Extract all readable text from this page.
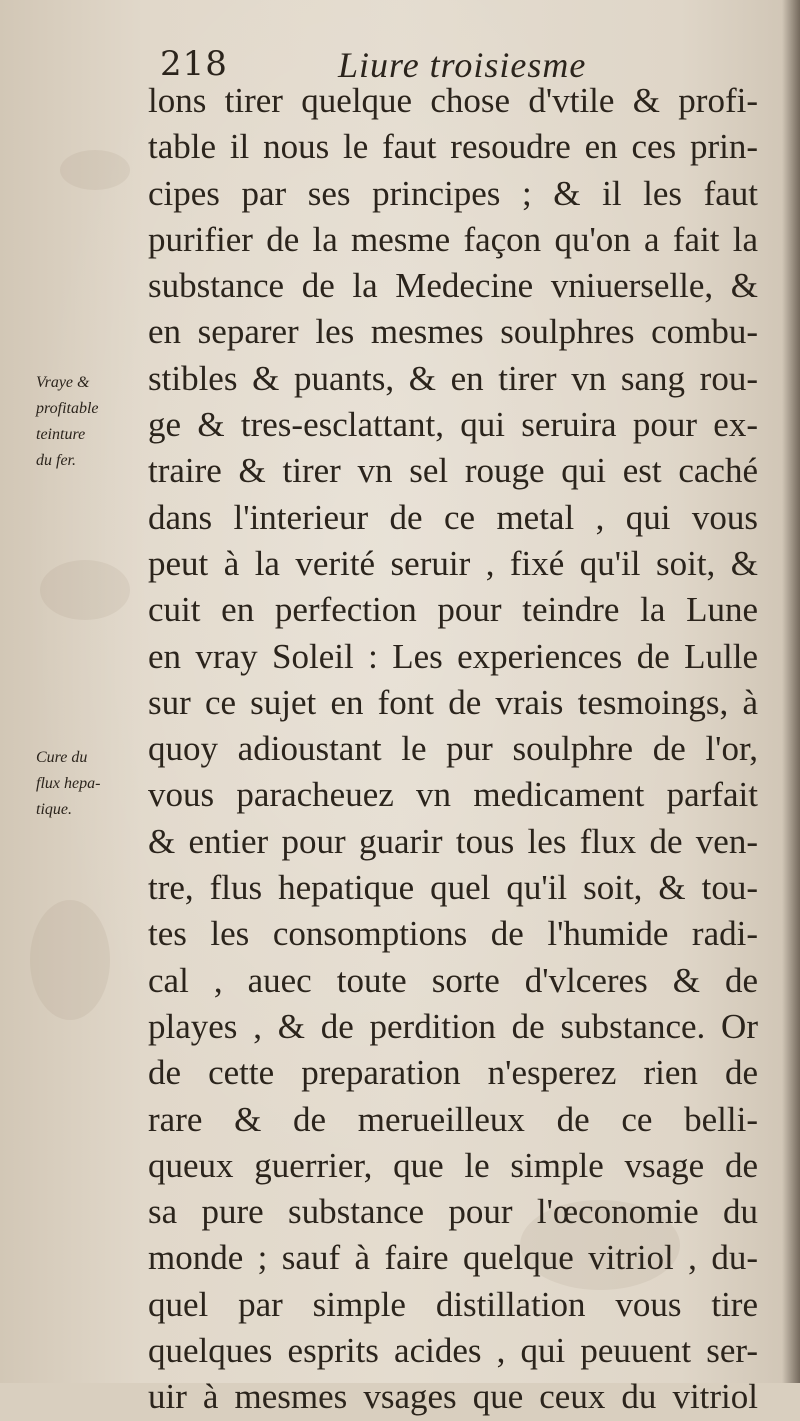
218	Liure troisiesme
lons tirer quelque chose d'vtile & profi-
table il nous le faut resoudre en ces prin-
cipes par ses principes ; & il les faut
purifier de la mesme façon qu'on a fait la
substance de la Medecine vniuerselle, &
en separer les mesmes soulphres combu-
stibles & puants, & en tirer vn sang rou-
ge & tres-esclattant, qui seruira pour ex-
traire & tirer vn sel rouge qui est caché
dans l'interieur de ce metal , qui vous
peut à la verité seruir , fixé qu'il soit, &
cuit en perfection pour teindre la Lune
en vray Soleil : Les experiences de Lulle
sur ce sujet en font de vrais tesmoings, à
quoy adioustant le pur soulphre de l'or,
vous paracheuez vn medicament parfait
& entier pour guarir tous les flux de ven-
tre, flus hepatique quel qu'il soit, & tou-
tes les consomptions de l'humide radi-
cal , auec toute sorte d'vlceres & de
playes , & de perdition de substance. Or
de cette preparation n'esperez rien de
rare & de merueilleux de ce belli-
queux guerrier, que le simple vsage de
sa pure substance pour l'œconomie du
monde ; sauf à faire quelque vitriol , du-
quel par simple distillation vous tire
quelques esprits acides , qui peuuent ser-
uir à mesmes vsages que ceux du vitriol
Vraye &
profitable
teinture
du fer.
Cure du
flux hepa-
tique.
